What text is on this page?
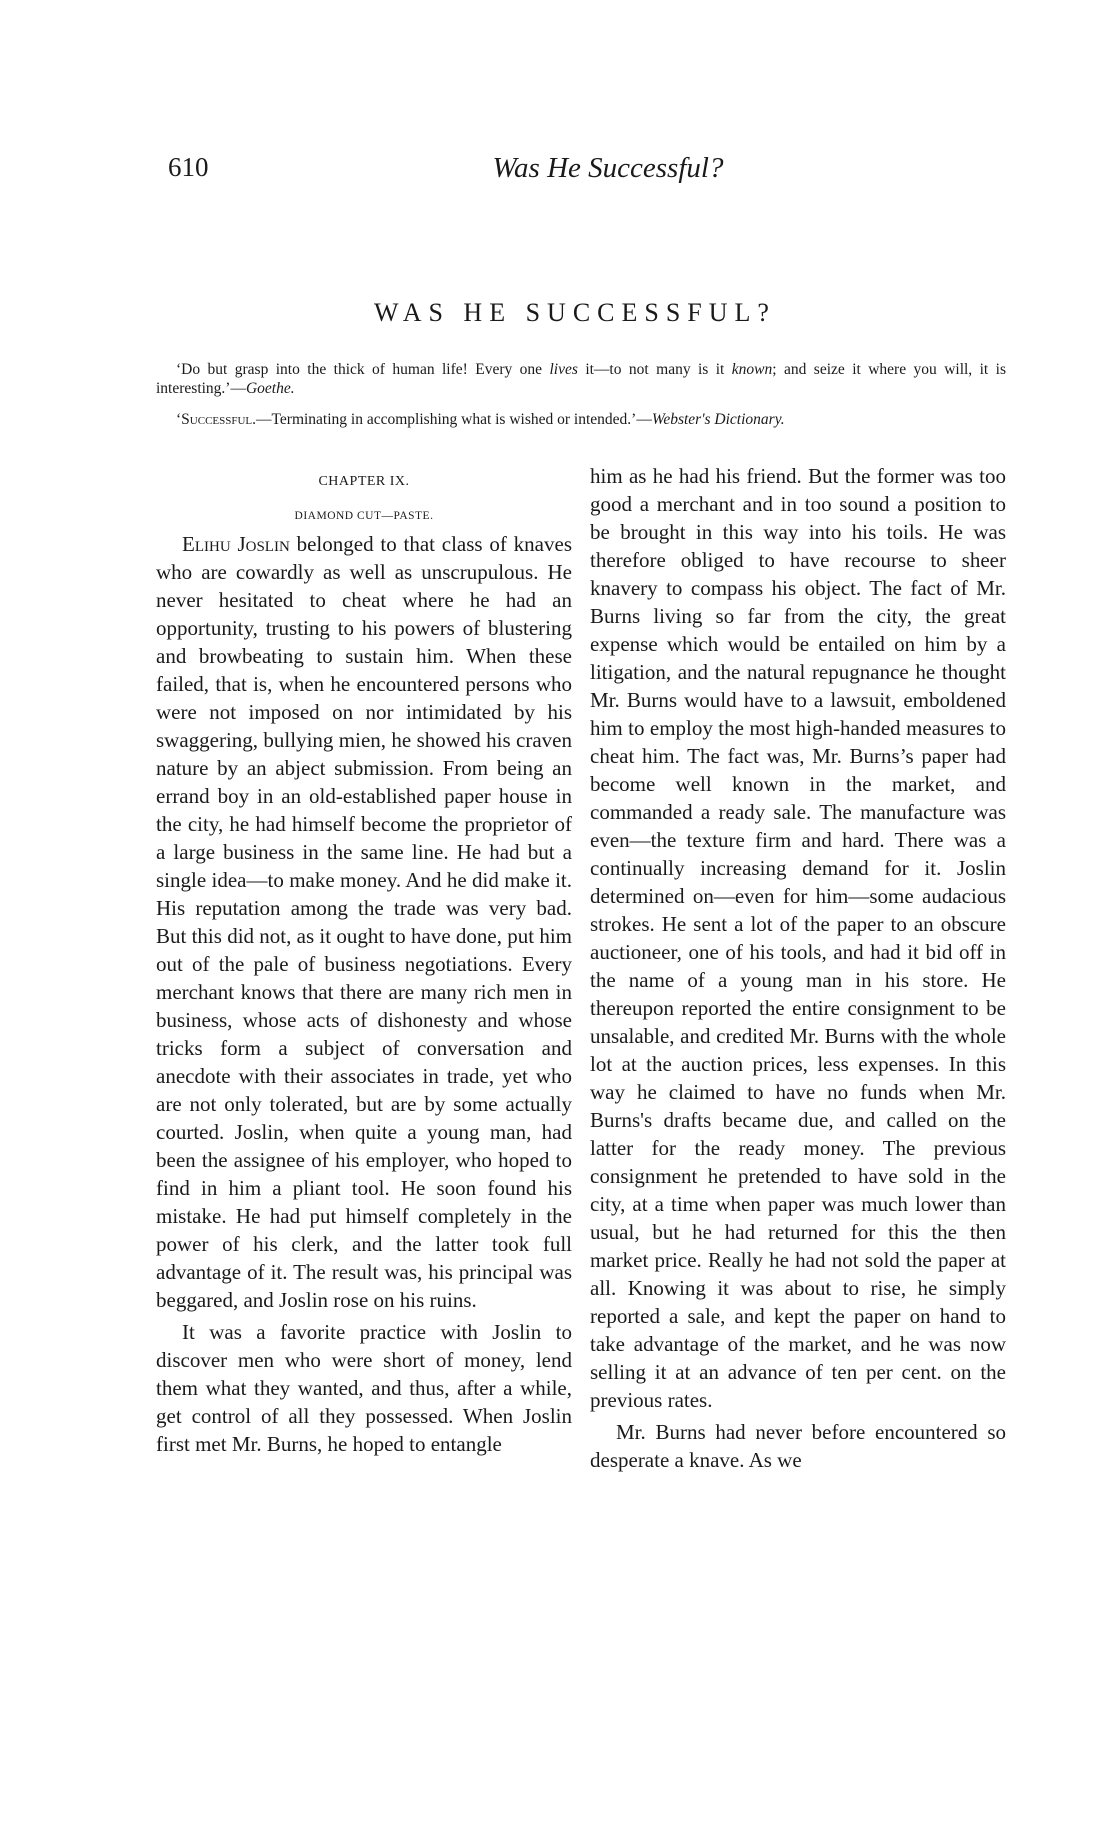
610	Was He Successful?
WAS HE SUCCESSFUL?

‘Do but grasp into the thick of human life! Every one lives it—to not many is it known; and seize it where you will, it is interesting.’—Goethe.

‘Successful.—Terminating in accomplishing what is wished or intended.’—Webster's Dictionary.

CHAPTER IX.
DIAMOND CUT—PASTE.

Elihu Joslin belonged to that class of knaves who are cowardly as well as unscrupulous. He never hesitated to cheat where he had an opportunity, trusting to his powers of blustering and browbeating to sustain him. When these failed, that is, when he encountered persons who were not imposed on nor intimidated by his swaggering, bullying mien, he showed his craven nature by an abject submission. From being an errand boy in an old-established paper house in the city, he had himself become the proprietor of a large business in the same line. He had but a single idea—to make money. And he did make it. His reputation among the trade was very bad. But this did not, as it ought to have done, put him out of the pale of business negotiations. Every merchant knows that there are many rich men in business, whose acts of dishonesty and whose tricks form a subject of conversation and anecdote with their associates in trade, yet who are not only tolerated, but are by some actually courted. Joslin, when quite a young man, had been the assignee of his employer, who hoped to find in him a pliant tool. He soon found his mistake. He had put himself completely in the power of his clerk, and the latter took full advantage of it. The result was, his principal was beggared, and Joslin rose on his ruins.

It was a favorite practice with Joslin to discover men who were short of money, lend them what they wanted, and thus, after a while, get control of all they possessed. When Joslin first met Mr. Burns, he hoped to entangle

him as he had his friend. But the former was too good a merchant and in too sound a position to be brought in this way into his toils. He was therefore obliged to have recourse to sheer knavery to compass his object. The fact of Mr. Burns living so far from the city, the great expense which would be entailed on him by a litigation, and the natural repugnance he thought Mr. Burns would have to a lawsuit, emboldened him to employ the most high-handed measures to cheat him. The fact was, Mr. Burns’s paper had become well known in the market, and commanded a ready sale. The manufacture was even—the texture firm and hard. There was a continually increasing demand for it. Joslin determined on—even for him—some audacious strokes. He sent a lot of the paper to an obscure auctioneer, one of his tools, and had it bid off in the name of a young man in his store. He thereupon reported the entire consignment to be unsalable, and credited Mr. Burns with the whole lot at the auction prices, less expenses. In this way he claimed to have no funds when Mr. Burns's drafts became due, and called on the latter for the ready money. The previous consignment he pretended to have sold in the city, at a time when paper was much lower than usual, but he had returned for this the then market price. Really he had not sold the paper at all. Knowing it was about to rise, he simply reported a sale, and kept the paper on hand to take advantage of the market, and he was now selling it at an advance of ten per cent. on the previous rates.

Mr. Burns had never before encountered so desperate a knave. As we
